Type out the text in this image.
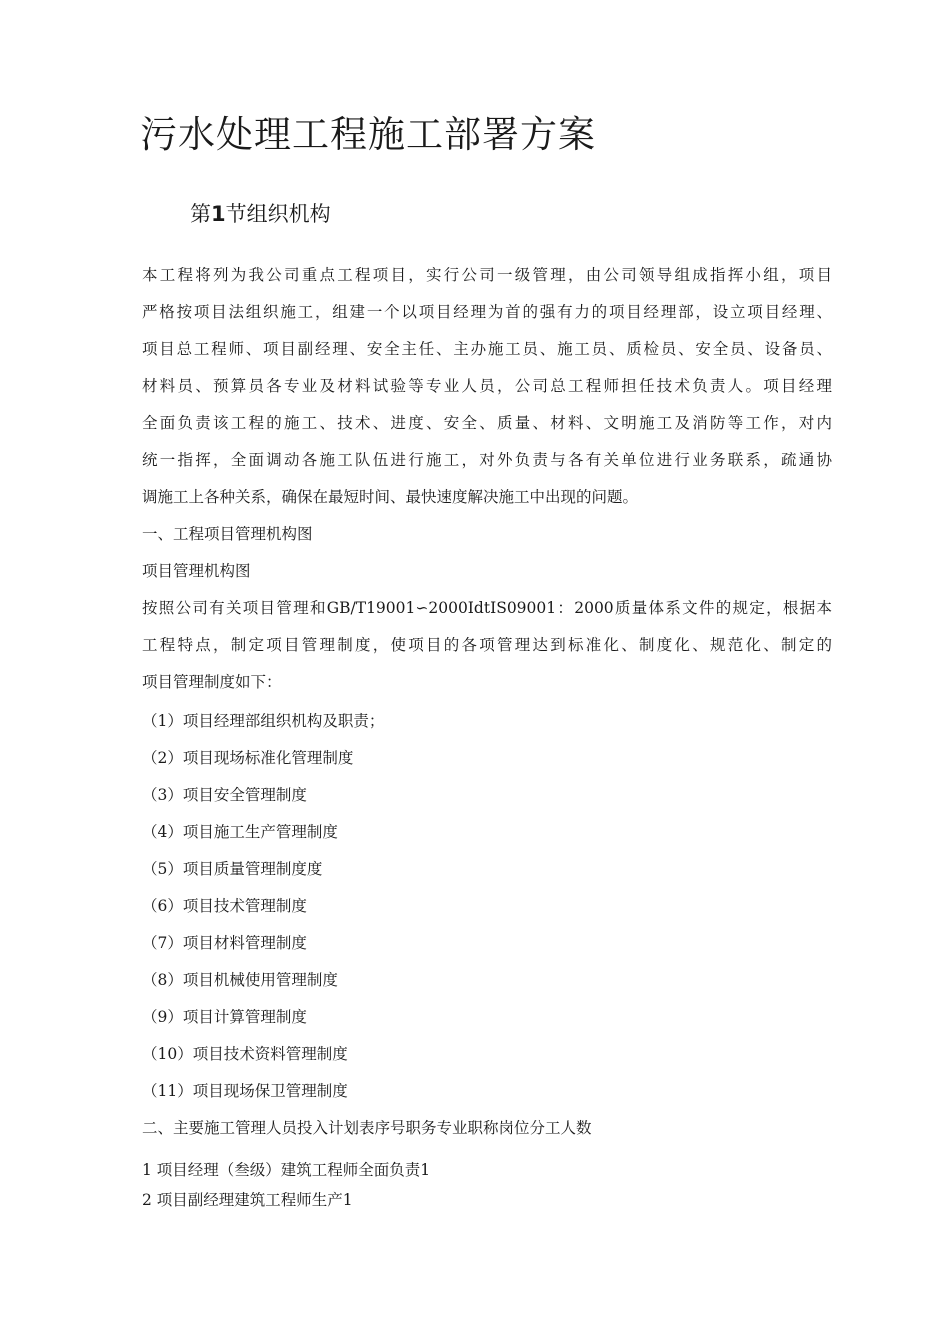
污水处理工程施工部署方案
第1节组织机构
本工程将列为我公司重点工程项目，实行公司一级管理，由公司领导组成指挥小组，项目
严格按项目法组织施工，组建一个以项目经理为首的强有力的项目经理部，设立项目经理、
项目总工程师、项目副经理、安全主任、主办施工员、施工员、质检员、安全员、设备员、
材料员、预算员各专业及材料试验等专业人员，公司总工程师担任技术负责人。项目经理
全面负责该工程的施工、技术、进度、安全、质量、材料、文明施工及消防等工作，对内
统一指挥，全面调动各施工队伍进行施工，对外负责与各有关单位进行业务联系，疏通协
调施工上各种关系，确保在最短时间、最快速度解决施工中出现的问题。
一、工程项目管理机构图
项目管理机构图
按照公司有关项目管理和GB/T19001∽2000IdtIS09001：2000质量体系文件的规定，根据本
工程特点，制定项目管理制度，使项目的各项管理达到标准化、制度化、规范化、制定的
项目管理制度如下：
（1）项目经理部组织机构及职责；
（2）项目现场标准化管理制度
（3）项目安全管理制度
（4）项目施工生产管理制度
（5）项目质量管理制度度
（6）项目技术管理制度
（7）项目材料管理制度
（8）项目机械使用管理制度
（9）项目计算管理制度
（10）项目技术资料管理制度
（11）项目现场保卫管理制度
二、主要施工管理人员投入计划表序号职务专业职称岗位分工人数
1 项目经理（叁级）建筑工程师全面负责1
2 项目副经理建筑工程师生产1
